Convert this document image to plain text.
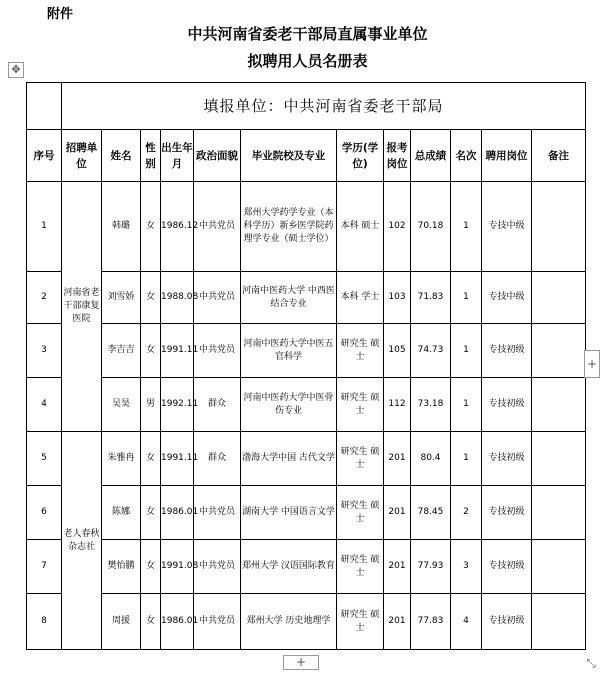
附件
中共河南省委老干部局直属事业单位
拟聘用人员名册表
✥
	填报单位：中共河南省委老干部局											
序号	招聘单位	姓名	性别	出生年月	政治面貌	毕业院校及专业	学历(学位)	报考岗位	总成绩	名次	聘用岗位	备注
1	河南省老干部康复医院	韩璐	女	1986.12	中共党员	郑州大学药学专业（本科学历）新乡医学院药理学专业（硕士学位）	本科 硕士	102	70.18	1	专技中级	
2		刘雪娇	女	1988.08	中共党员	河南中医药大学 中西医结合专业	本科 学士	103	71.83	1	专技中级	
3		李吉吉	女	1991.11	中共党员	河南中医药大学中医五官科学	研究生 硕士	105	74.73	1	专技初级	
4		吴昊	男	1992.11	群众	河南中医药大学中医骨伤专业	研究生 硕士	112	73.18	1	专技初级	
5	老人春秋杂志社	朱雅冉	女	1991.11	群众	渤海大学中国 古代文学	研究生 硕士	201	80.4	1	专技初级	
6		陈娜	女	1986.01	中共党员	湖南大学 中国语言文学	研究生 硕士	201	78.45	2	专技初级	
7		樊怡鹏	女	1991.08	中共党员	郑州大学 汉语国际教育	研究生 硕士	201	77.93	3	专技初级	
8		周援	女	1986.01	中共党员	郑州大学 历史地理学	研究生 硕士	201	77.83	4	专技初级	
+
+	⤡
